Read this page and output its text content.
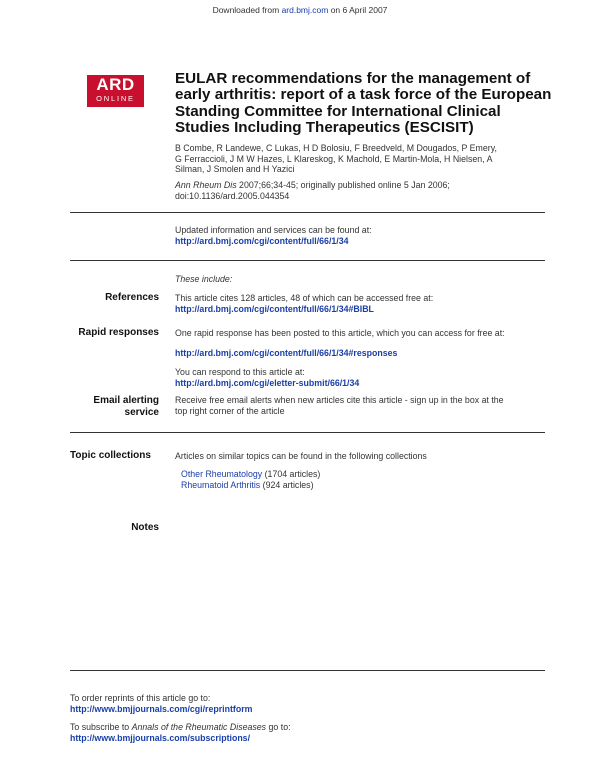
Downloaded from ard.bmj.com on 6 April 2007
ARD
ONLINE
EULAR recommendations for the management of
early arthritis: report of a task force of the European
Standing Committee for International Clinical
Studies Including Therapeutics (ESCISIT)
B Combe, R Landewe, C Lukas, H D Bolosiu, F Breedveld, M Dougados, P Emery,
G Ferraccioli, J M W Hazes, L Klareskog, K Machold, E Martin-Mola, H Nielsen, A
Silman, J Smolen and H Yazici
Ann Rheum Dis 2007;66;34-45; originally published online 5 Jan 2006;
doi:10.1136/ard.2005.044354
Updated information and services can be found at:
http://ard.bmj.com/cgi/content/full/66/1/34
These include:
References This article cites 128 articles, 48 of which can be accessed free at:
http://ard.bmj.com/cgi/content/full/66/1/34#BIBL
Rapid responses One rapid response has been posted to this article, which you can access for free at:
http://ard.bmj.com/cgi/content/full/66/1/34#responses
You can respond to this article at:
http://ard.bmj.com/cgi/eletter-submit/66/1/34
Email alerting
service
Receive free email alerts when new articles cite this article - sign up in the box at the
top right corner of the article
Topic collections	Articles on similar topics can be found in the following collections
Other Rheumatology (1704 articles)
Rheumatoid Arthritis (924 articles)
Notes
To order reprints of this article go to:
http://www.bmjjournals.com/cgi/reprintform
To subscribe to Annals of the Rheumatic Diseases go to:
http://www.bmjjournals.com/subscriptions/
